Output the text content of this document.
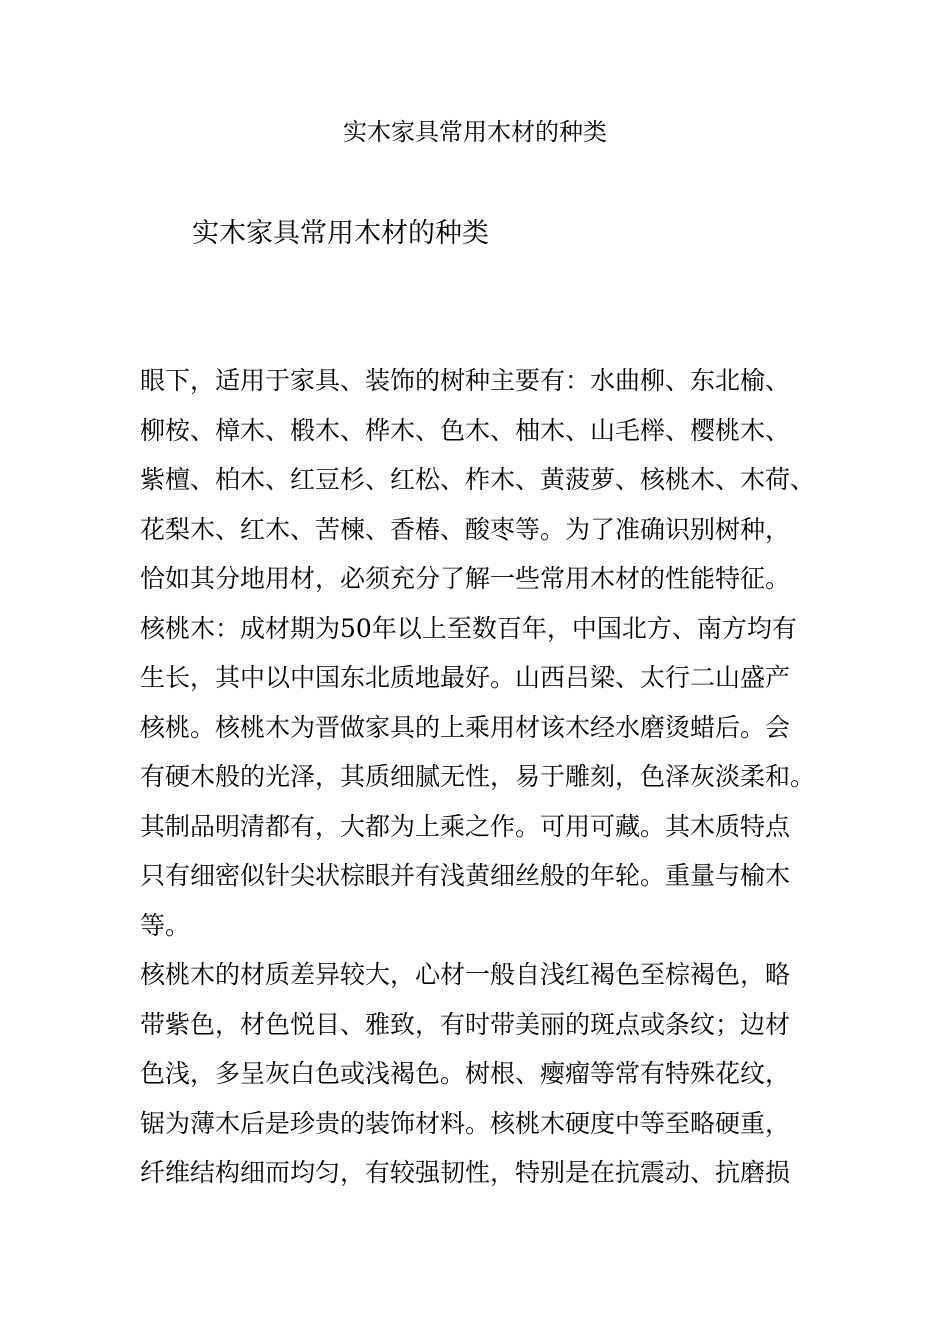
实木家具常用木材的种类
实木家具常用木材的种类
眼下，适用于家具、装饰的树种主要有：水曲柳、东北榆、
柳桉、樟木、椴木、桦木、色木、柚木、山毛榉、樱桃木、
紫檀、柏木、红豆杉、红松、柞木、黄菠萝、核桃木、木荷、
花梨木、红木、苦楝、香椿、酸枣等。为了准确识别树种，
恰如其分地用材，必须充分了解一些常用木材的性能特征。
核桃木：成材期为50年以上至数百年，中国北方、南方均有
生长，其中以中国东北质地最好。山西吕梁、太行二山盛产
核桃。核桃木为晋做家具的上乘用材该木经水磨烫蜡后。会
有硬木般的光泽，其质细腻无性，易于雕刻，色泽灰淡柔和。
其制品明清都有，大都为上乘之作。可用可藏。其木质特点
只有细密似针尖状棕眼并有浅黄细丝般的年轮。重量与榆木
等。
核桃木的材质差异较大，心材一般自浅红褐色至棕褐色，略
带紫色，材色悦目、雅致，有时带美丽的斑点或条纹；边材
色浅，多呈灰白色或浅褐色。树根、瘿瘤等常有特殊花纹，
锯为薄木后是珍贵的装饰材料。核桃木硬度中等至略硬重，
纤维结构细而均匀，有较强韧性，特别是在抗震动、抗磨损
